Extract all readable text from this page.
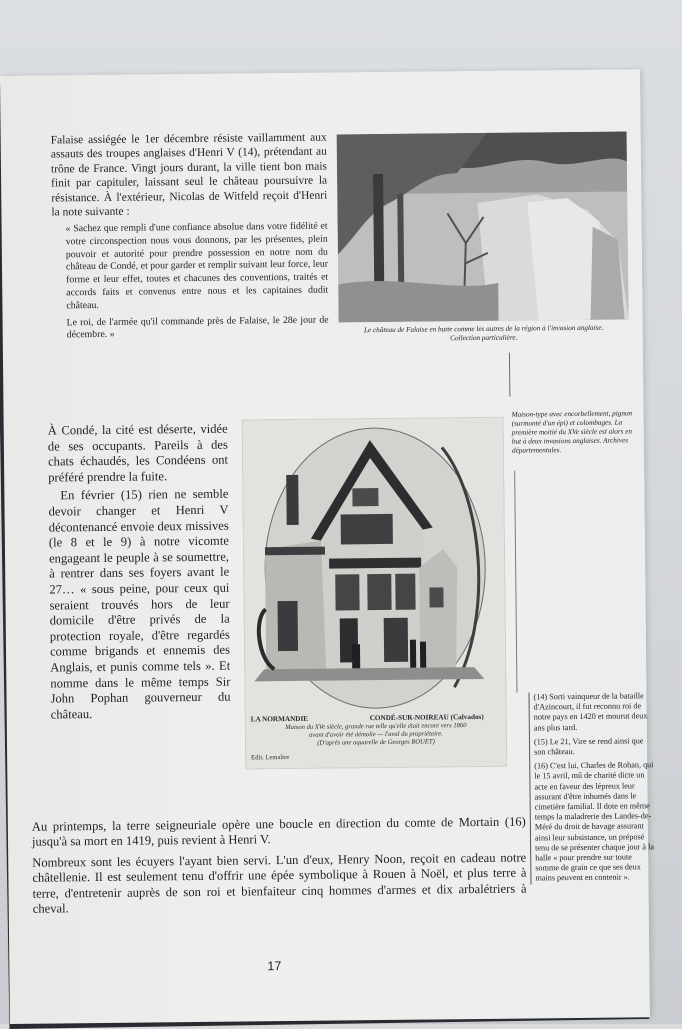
Falaise assiégée le 1er décembre résiste vaillamment aux assauts des troupes anglaises d'Henri V (14), prétendant au trône de France. Vingt jours durant, la ville tient bon mais finit par capituler, laissant seul le château poursuivre la résistance. À l'extérieur, Nicolas de Witfeld reçoit d'Henri la note suivante :

« Sachez que rempli d'une confiance absolue dans votre fidélité et votre circonspection nous vous donnons, par les présentes, plein pouvoir et autorité pour prendre possession en notre nom du château de Condé, et pour garder et remplir suivant leur force, leur forme et leur effet, toutes et chacunes des conventions, traités et accords faits et convenus entre nous et les capitaines dudit château.

Le roi, de l'armée qu'il commande près de Falaise, le 28e jour de décembre. »

Le château de Falaise en butte comme les autres de la région à l'invasion anglaise. Collection particulière.

Maison-type avec encorbellement, pignon (surmonté d'un épi) et colombages. La première moitié du XVe siècle est alors en but à deux invasions anglaises. Archives départementales.

À Condé, la cité est déserte, vidée de ses occupants. Pareils à des chats échaudés, les Condéens ont préféré prendre la fuite.

En février (15) rien ne semble devoir changer et Henri V décontenancé envoie deux missives (le 8 et le 9) à notre vicomte engageant le peuple à se soumettre, à rentrer dans ses foyers avant le 27… « sous peine, pour ceux qui seraient trouvés hors de leur domicile d'être privés de la protection royale, d'être regardés comme brigands et ennemis des Anglais, et punis comme tels ». Et nomme dans le même temps Sir John Pophan gouverneur du château.	LA NORMANDIE	CONDÉ-SUR-NOIREAU (Calvados)
Maison du XVe siècle, grande rue telle qu'elle était encore vers 1860
avant d'avoir été démolie — l'aval du propriétaire.
(D'après une aquarelle de Georges BOUET)
Edit. Lemaître

(14) Sorti vainqueur de la bataille d'Azincourt, il fut reconnu roi de notre pays en 1420 et mourut deux ans plus tard.

(15) Le 21, Vire se rend ainsi que son château.

(16) C'est lui, Charles de Rohan, qui le 15 avril, mû de charité dicte un acte en faveur des lépreux leur assurant d'être inhumés dans le cimetière familial. Il dote en même temps la maladrerie des Landes-de-Méré du droit de havage assurant ainsi leur subsistance, un préposé tenu de se présenter chaque jour à la halle « pour prendre sur toute somme de grain ce que ses deux mains peuvent en contenir ».

Au printemps, la terre seigneuriale opère une boucle en direction du comte de Mortain (16) jusqu'à sa mort en 1419, puis revient à Henri V.

Nombreux sont les écuyers l'ayant bien servi. L'un d'eux, Henry Noon, reçoit en cadeau notre châtellenie. Il est seulement tenu d'offrir une épée symbolique à Rouen à Noël, et plus terre à terre, d'entretenir auprès de son roi et bienfaiteur cinq hommes d'armes et dix arbalétriers à cheval.

17
